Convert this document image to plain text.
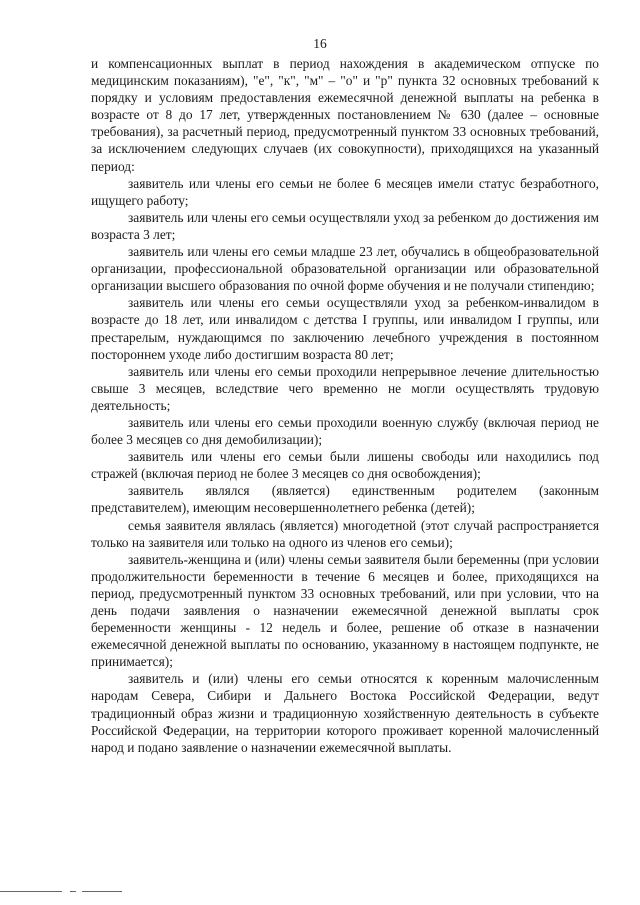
16

и компенсационных выплат в период нахождения в академическом отпуске по медицинским показаниям), "е", "к", "м" – "о" и "р" пункта 32 основных требований к порядку и условиям предоставления ежемесячной денежной выплаты на ребенка в возрасте от 8 до 17 лет, утвержденных постановлением № 630 (далее – основные требования), за расчетный период, предусмотренный пунктом 33 основных требований, за исключением следующих случаев (их совокупности), приходящихся на указанный период:

заявитель или члены его семьи не более 6 месяцев имели статус безработного, ищущего работу;

заявитель или члены его семьи осуществляли уход за ребенком до достижения им возраста 3 лет;

заявитель или члены его семьи младше 23 лет, обучались в общеобразовательной организации, профессиональной образовательной организации или образовательной организации высшего образования по очной форме обучения и не получали стипендию;

заявитель или члены его семьи осуществляли уход за ребенком-инвалидом в возрасте до 18 лет, или инвалидом с детства I группы, или инвалидом I группы, или престарелым, нуждающимся по заключению лечебного учреждения в постоянном постороннем уходе либо достигшим возраста 80 лет;

заявитель или члены его семьи проходили непрерывное лечение длительностью свыше 3 месяцев, вследствие чего временно не могли осуществлять трудовую деятельность;

заявитель или члены его семьи проходили военную службу (включая период не более 3 месяцев со дня демобилизации);

заявитель или члены его семьи были лишены свободы или находились под стражей (включая период не более 3 месяцев со дня освобождения);

заявитель являлся (является) единственным родителем (законным представителем), имеющим несовершеннолетнего ребенка (детей);

семья заявителя являлась (является) многодетной (этот случай распространяется только на заявителя или только на одного из членов его семьи);

заявитель-женщина и (или) члены семьи заявителя были беременны (при условии продолжительности беременности в течение 6 месяцев и более, приходящихся на период, предусмотренный пунктом 33 основных требований, или при условии, что на день подачи заявления о назначении ежемесячной денежной выплаты срок беременности женщины - 12 недель и более, решение об отказе в назначении ежемесячной денежной выплаты по основанию, указанному в настоящем подпункте, не принимается);

заявитель и (или) члены его семьи относятся к коренным малочисленным народам Севера, Сибири и Дальнего Востока Российской Федерации, ведут традиционный образ жизни и традиционную хозяйственную деятельность в субъекте Российской Федерации, на территории которого проживает коренной малочисленный народ и подано заявление о назначении ежемесячной выплаты.
